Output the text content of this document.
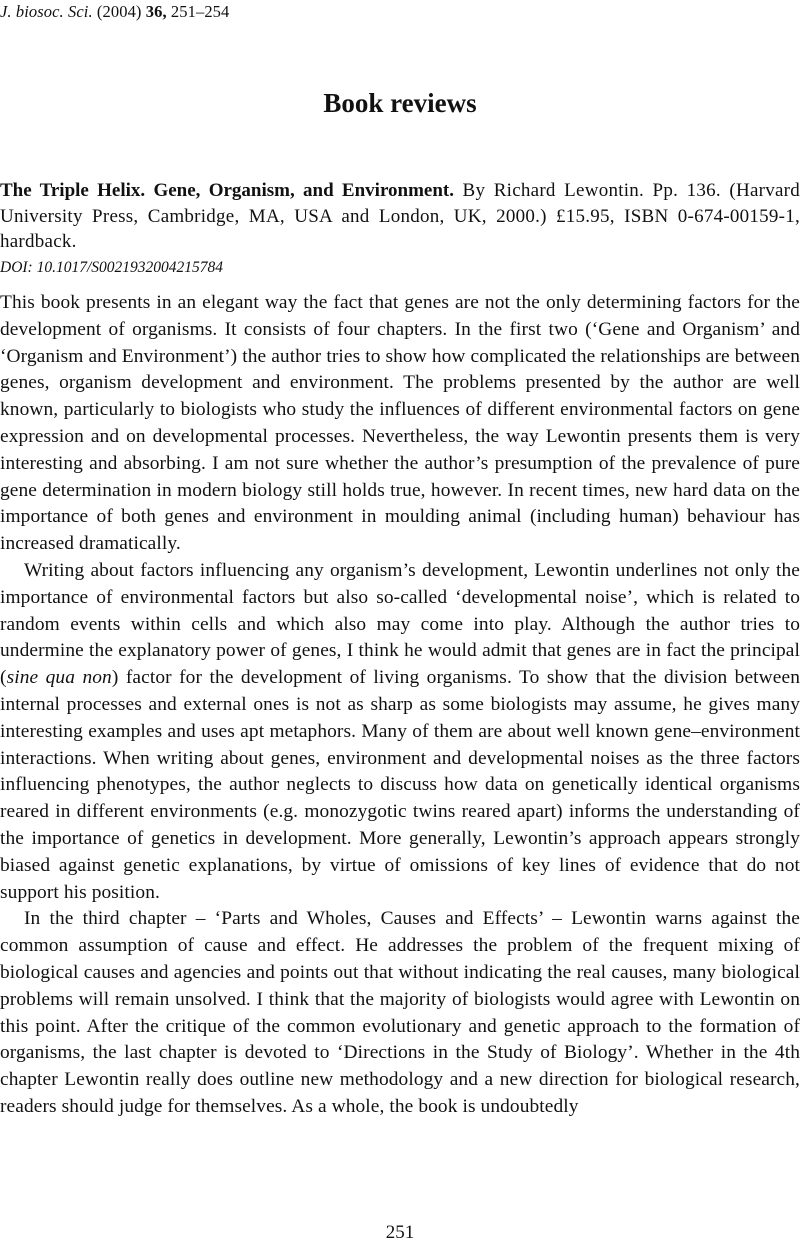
J. biosoc. Sci. (2004) 36, 251–254
Book reviews
The Triple Helix. Gene, Organism, and Environment. By Richard Lewontin. Pp. 136. (Harvard University Press, Cambridge, MA, USA and London, UK, 2000.) £15.95, ISBN 0-674-00159-1, hardback.
DOI: 10.1017/S0021932004215784

This book presents in an elegant way the fact that genes are not the only determining factors for the development of organisms. It consists of four chapters. In the first two (‘Gene and Organism’ and ‘Organism and Environment’) the author tries to show how complicated the relationships are between genes, organism development and environment. The problems presented by the author are well known, particularly to biologists who study the influences of different environmental factors on gene expression and on developmental processes. Nevertheless, the way Lewontin presents them is very interesting and absorbing. I am not sure whether the author’s presumption of the prevalence of pure gene determination in modern biology still holds true, however. In recent times, new hard data on the importance of both genes and environment in moulding animal (including human) behaviour has increased dramatically.

Writing about factors influencing any organism’s development, Lewontin underlines not only the importance of environmental factors but also so-called ‘developmental noise’, which is related to random events within cells and which also may come into play. Although the author tries to undermine the explanatory power of genes, I think he would admit that genes are in fact the principal (sine qua non) factor for the development of living organisms. To show that the division between internal processes and external ones is not as sharp as some biologists may assume, he gives many interesting examples and uses apt metaphors. Many of them are about well known gene–environment interactions. When writing about genes, environment and developmental noises as the three factors influencing phenotypes, the author neglects to discuss how data on genetically identical organisms reared in different environments (e.g. monozygotic twins reared apart) informs the understanding of the importance of genetics in development. More generally, Lewontin’s approach appears strongly biased against genetic explanations, by virtue of omissions of key lines of evidence that do not support his position.

In the third chapter – ‘Parts and Wholes, Causes and Effects’ – Lewontin warns against the common assumption of cause and effect. He addresses the problem of the frequent mixing of biological causes and agencies and points out that without indicating the real causes, many biological problems will remain unsolved. I think that the majority of biologists would agree with Lewontin on this point. After the critique of the common evolutionary and genetic approach to the formation of organisms, the last chapter is devoted to ‘Directions in the Study of Biology’. Whether in the 4th chapter Lewontin really does outline new methodology and a new direction for biological research, readers should judge for themselves. As a whole, the book is undoubtedly

251
